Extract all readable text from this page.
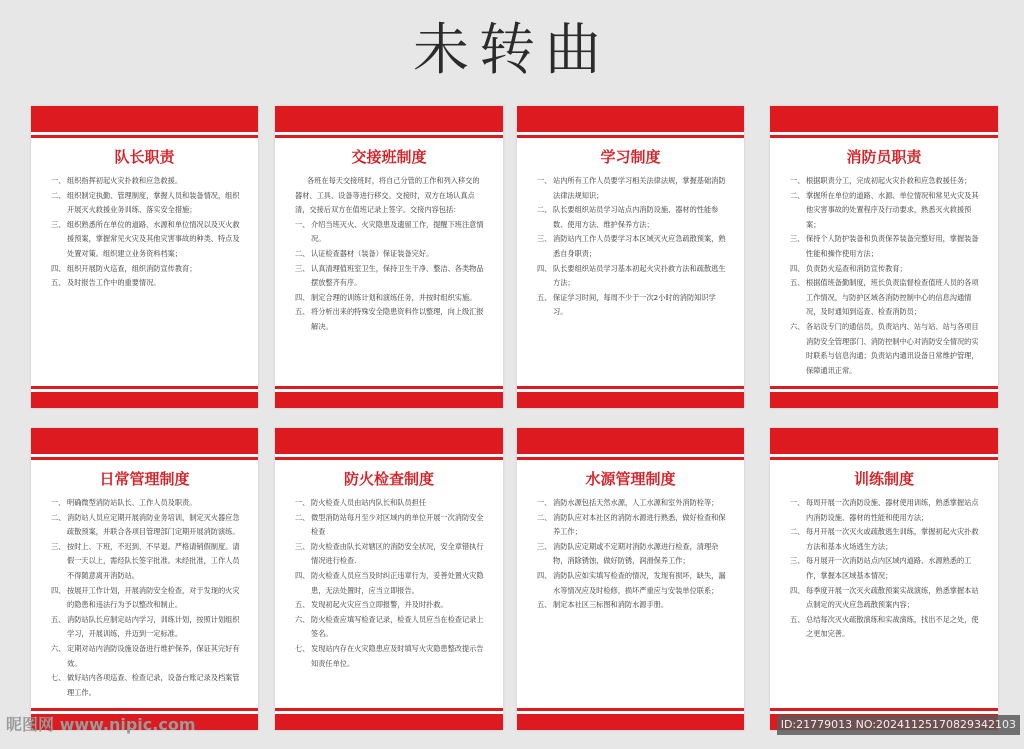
未转曲
队长职责
一、 组织指挥初起火灾扑救和应急救援。
二、 组织制定执勤、管理制度，掌握人员和装备情况，组织开展灭火救援业务训练、落实安全措施；
三、 组织熟悉所在单位的道路、水源和单位情况以及灭火救援预案，掌握常见火灾及其他灾害事故的种类、特点及处置对策。组织建立业务资料档案；
四、 组织开展防火巡查，组织消防宣传教育；
五、 及时报告工作中的重要情况。
交接班制度
各班在每天交接班时，将自己分管的工作和列入移交的器材、工具、设备等进行移交。交接时，双方在场认真点清，交接后双方在值班记录上签字。交接内容包括：
一、 介绍当班灭火、火灾隐患及遗留工作，提醒下班注意情况。
二、 认证检查器材（装备）保证装备完好。
三、 认真清理值班室卫生，保持卫生干净、整洁、各类物品摆放整齐有序。
四、 制定合理的训练计划和演练任务，并按时组织实施。
五、 将分析出来的特殊安全隐患资料作以整理，向上级汇报解决。
学习制度
一、 站内所有工作人员要学习相关法律法规，掌握基础消防法律法规知识；
二、 队长要组织站员学习站点内消防设施、器材的性能参数、使用方法、维护保养方法；
三、 消防站内工作人员要学习本区域灭火应急疏散预案，熟悉自身职责；
四、 队长要组织站员学习基本初起火灾扑救方法和疏散逃生方法；
五、 保证学习时间，每周不少于一次2小时的消防知识学习。
消防员职责
一、 根据职责分工，完成初起火灾扑救和应急救援任务；
二、 掌握所在单位的道路、水源、单位情况和常见火灾及其他灾害事故的处置程序及行动要求，熟悉灭火救援预案；
三、 保持个人防护装备和负责保养装备完整好用，掌握装备性能和操作使用方法；
四、 负责防火巡查和消防宣传教育；
五、 根据值班备勤制度，班长负责监督检查值班人员的各项工作情况，与防护区域各消防控制中心的信息沟通情况，及时通知到巡查、检查消防员；
六、 各站设专门的通信员，负责站内、站与站、站与各项目消防安全管理部门、消防控制中心对消防安全情况的实时联系与信息沟通；负责站内通讯设备日常维护管理，保障通讯正常。
日常管理制度
一、 明确微型消防站队长、工作人员及职责。
二、 消防站人员应定期开展消防业务培训，制定灭火器应急疏散预案，并联合各项目管理部门定期开展消防演练。
三、 按时上、下班，不迟到、不早退。严格请销假制度。请假一天以上，需经队长签字批准。未经批准，工作人员不得随意离开消防站。
四、 按展开工作计划，开展消防安全检查，对于发现的火灾的隐患和违法行为予以整改和制止。
五、 消防站队长应制定站内学习，训练计划，按照计划组织学习，开展训练，并迈到一定标准。
六、 定期对站内消防设施设备进行维护保养，保证其完好有效。
七、 做好站内各项巡查、检查记录，设备台账记录及档案管理工作。
防火检查制度
一、 防火检查人员由站内队长和队员担任
二、 微型消防站每月至少对区域内的单位开展一次消防安全检查
三、 防火检查由队长对辖区的消防安全状况，安全章错执行情况进行检查.
四、 防火检查人员应当及时纠正违章行为，妥善处置火灾隐患，无法处置时，应当立即报告。
五、 发现初起火灾应当立即报警，并及时扑救。
六、 防火检查应填写检查记录，检查人员应当在检查记录上签名。
七、 发现站内存在火灾隐患应及时填写火灾隐患整改提示告知责任单位。
水源管理制度
一、 消防水源包括天然水源，人工水源和室外消防栓等；
二、 消防队应对本社区的消防水源进行熟悉，做好检查和保养工作；
三、 消防队应定期或不定期对消防水源进行检查，清理杂物，消除锈蚀，做好防锈，润滑保养工作；
四、 消防队应如实填写检查的情况，发现有损坏，缺失，漏水等情况应及时检修，损坏严重应与安装单位联系；
五、 制定本社区三标图和消防水源手册。
训练制度
一、 每周开展一次消防设施、器材使用训练，熟悉掌握站点内消防设施、器材的性能和使用方法；
二、 每月开展一次灭火或疏散逃生训练，掌握初起火灾扑救方法和基本火场逃生方法；
三、 每月展开一次消防站点内区域内道路、水源熟悉的工作，掌握本区域基本情况；
四、 每季度开展一次灭火疏散预案实战演练，熟悉掌握本站点制定的灭火应急疏散预案内容；
五、 总结每次灭火疏散演练和实战演练，找出不足之处，使之更加完善。
昵图网 www.nipic.com	ID:21779013 NO:20241125170829342103
